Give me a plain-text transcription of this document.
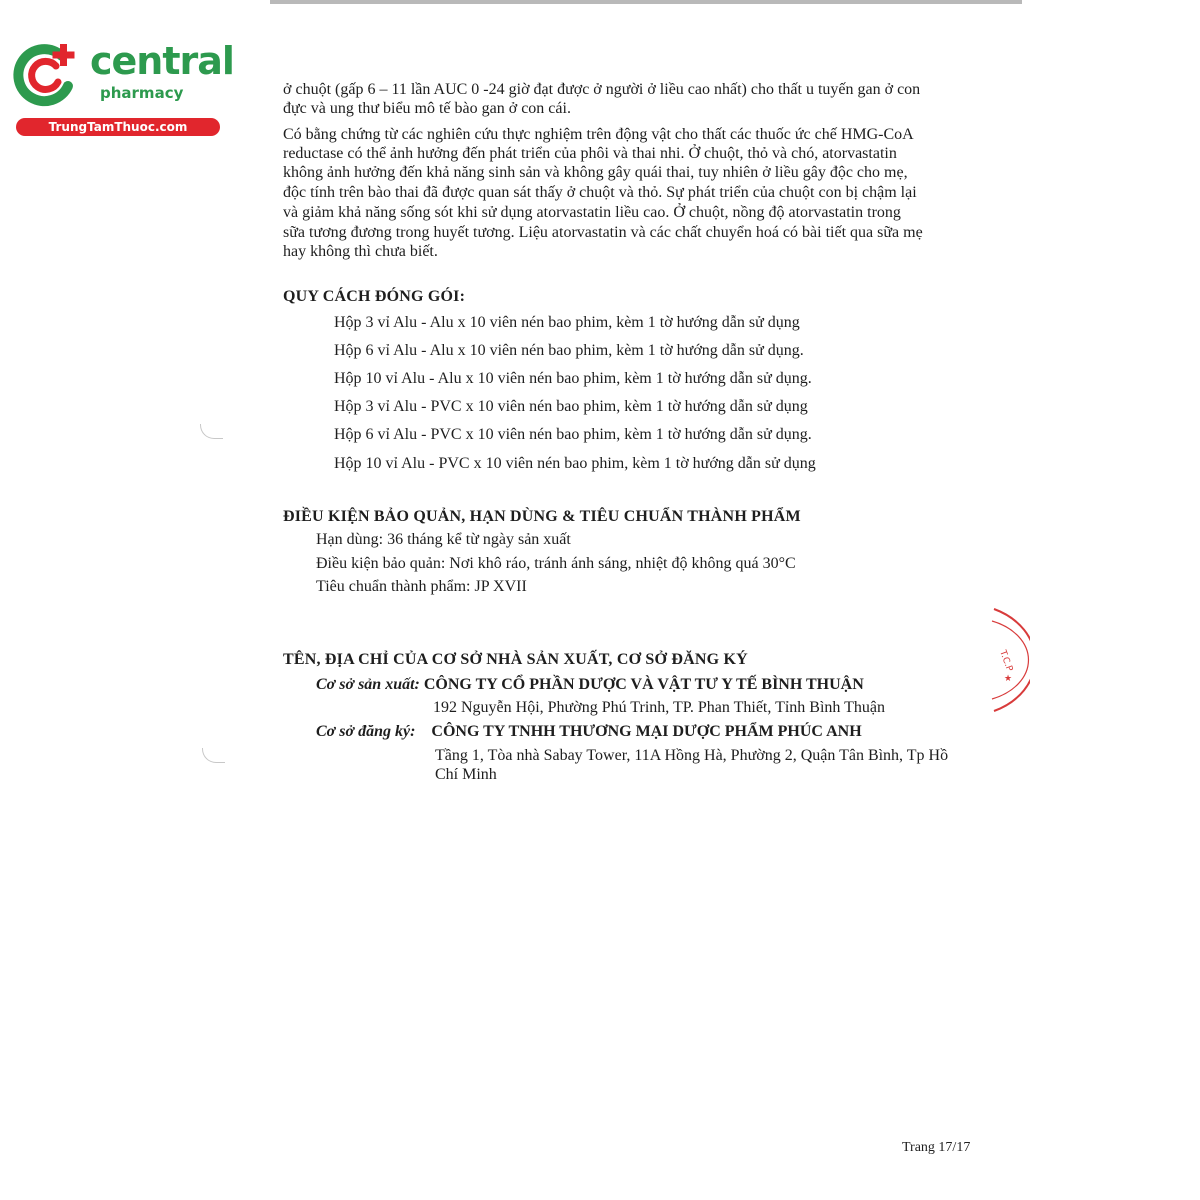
central
pharmacy
TrungTamThuoc.com
ở chuột (gấp 6 – 11 lần AUC 0 -24 giờ đạt được ở người ở liều cao nhất) cho thất u tuyến gan ở con
đực và ung thư biểu mô tế bào gan ở con cái.
Có bằng chứng từ các nghiên cứu thực nghiệm trên động vật cho thất các thuốc ức chế HMG-CoA
reductase có thể ảnh hưởng đến phát triển của phôi và thai nhi. Ở chuột, thỏ và chó, atorvastatin
không ảnh hưởng đến khả năng sinh sản và không gây quái thai, tuy nhiên ở liều gây độc cho mẹ,
độc tính trên bào thai đã được quan sát thấy ở chuột và thỏ. Sự phát triển của chuột con bị chậm lại
và giảm khả năng sống sót khi sử dụng atorvastatin liều cao. Ở chuột, nồng độ atorvastatin trong
sữa tương đương trong huyết tương. Liệu atorvastatin và các chất chuyển hoá có bài tiết qua sữa mẹ
hay không thì chưa biết.
QUY CÁCH ĐÓNG GÓI:
Hộp 3 vỉ Alu - Alu x 10 viên nén bao phim, kèm 1 tờ hướng dẫn sử dụng
Hộp 6 vỉ Alu - Alu x 10 viên nén bao phim, kèm 1 tờ hướng dẫn sử dụng.
Hộp 10 vỉ Alu - Alu x 10 viên nén bao phim, kèm 1 tờ hướng dẫn sử dụng.
Hộp 3 vỉ Alu - PVC x 10 viên nén bao phim, kèm 1 tờ hướng dẫn sử dụng
Hộp 6 vỉ Alu - PVC x 10 viên nén bao phim, kèm 1 tờ hướng dẫn sử dụng.
Hộp 10 vỉ Alu - PVC x 10 viên nén bao phim, kèm 1 tờ hướng dẫn sử dụng
ĐIỀU KIỆN BẢO QUẢN, HẠN DÙNG & TIÊU CHUẨN THÀNH PHẨM
Hạn dùng: 36 tháng kể từ ngày sản xuất
Điều kiện bảo quản: Nơi khô ráo, tránh ánh sáng, nhiệt độ không quá 30°C
Tiêu chuẩn thành phẩm: JP XVII
TÊN, ĐỊA CHỈ CỦA CƠ SỞ NHÀ SẢN XUẤT, CƠ SỞ ĐĂNG KÝ
Cơ sở sản xuất: CÔNG TY CỔ PHẦN DƯỢC VÀ VẬT TƯ Y TẾ BÌNH THUẬN
192 Nguyễn Hội, Phường Phú Trinh, TP. Phan Thiết, Tỉnh Bình Thuận
Cơ sở đăng ký: CÔNG TY TNHH THƯƠNG MẠI DƯỢC PHẨM PHÚC ANH
Tầng 1, Tòa nhà Sabay Tower, 11A Hồng Hà, Phường 2, Quận Tân Bình, Tp Hồ
Chí Minh
T.C.P
★
Trang 17/17
